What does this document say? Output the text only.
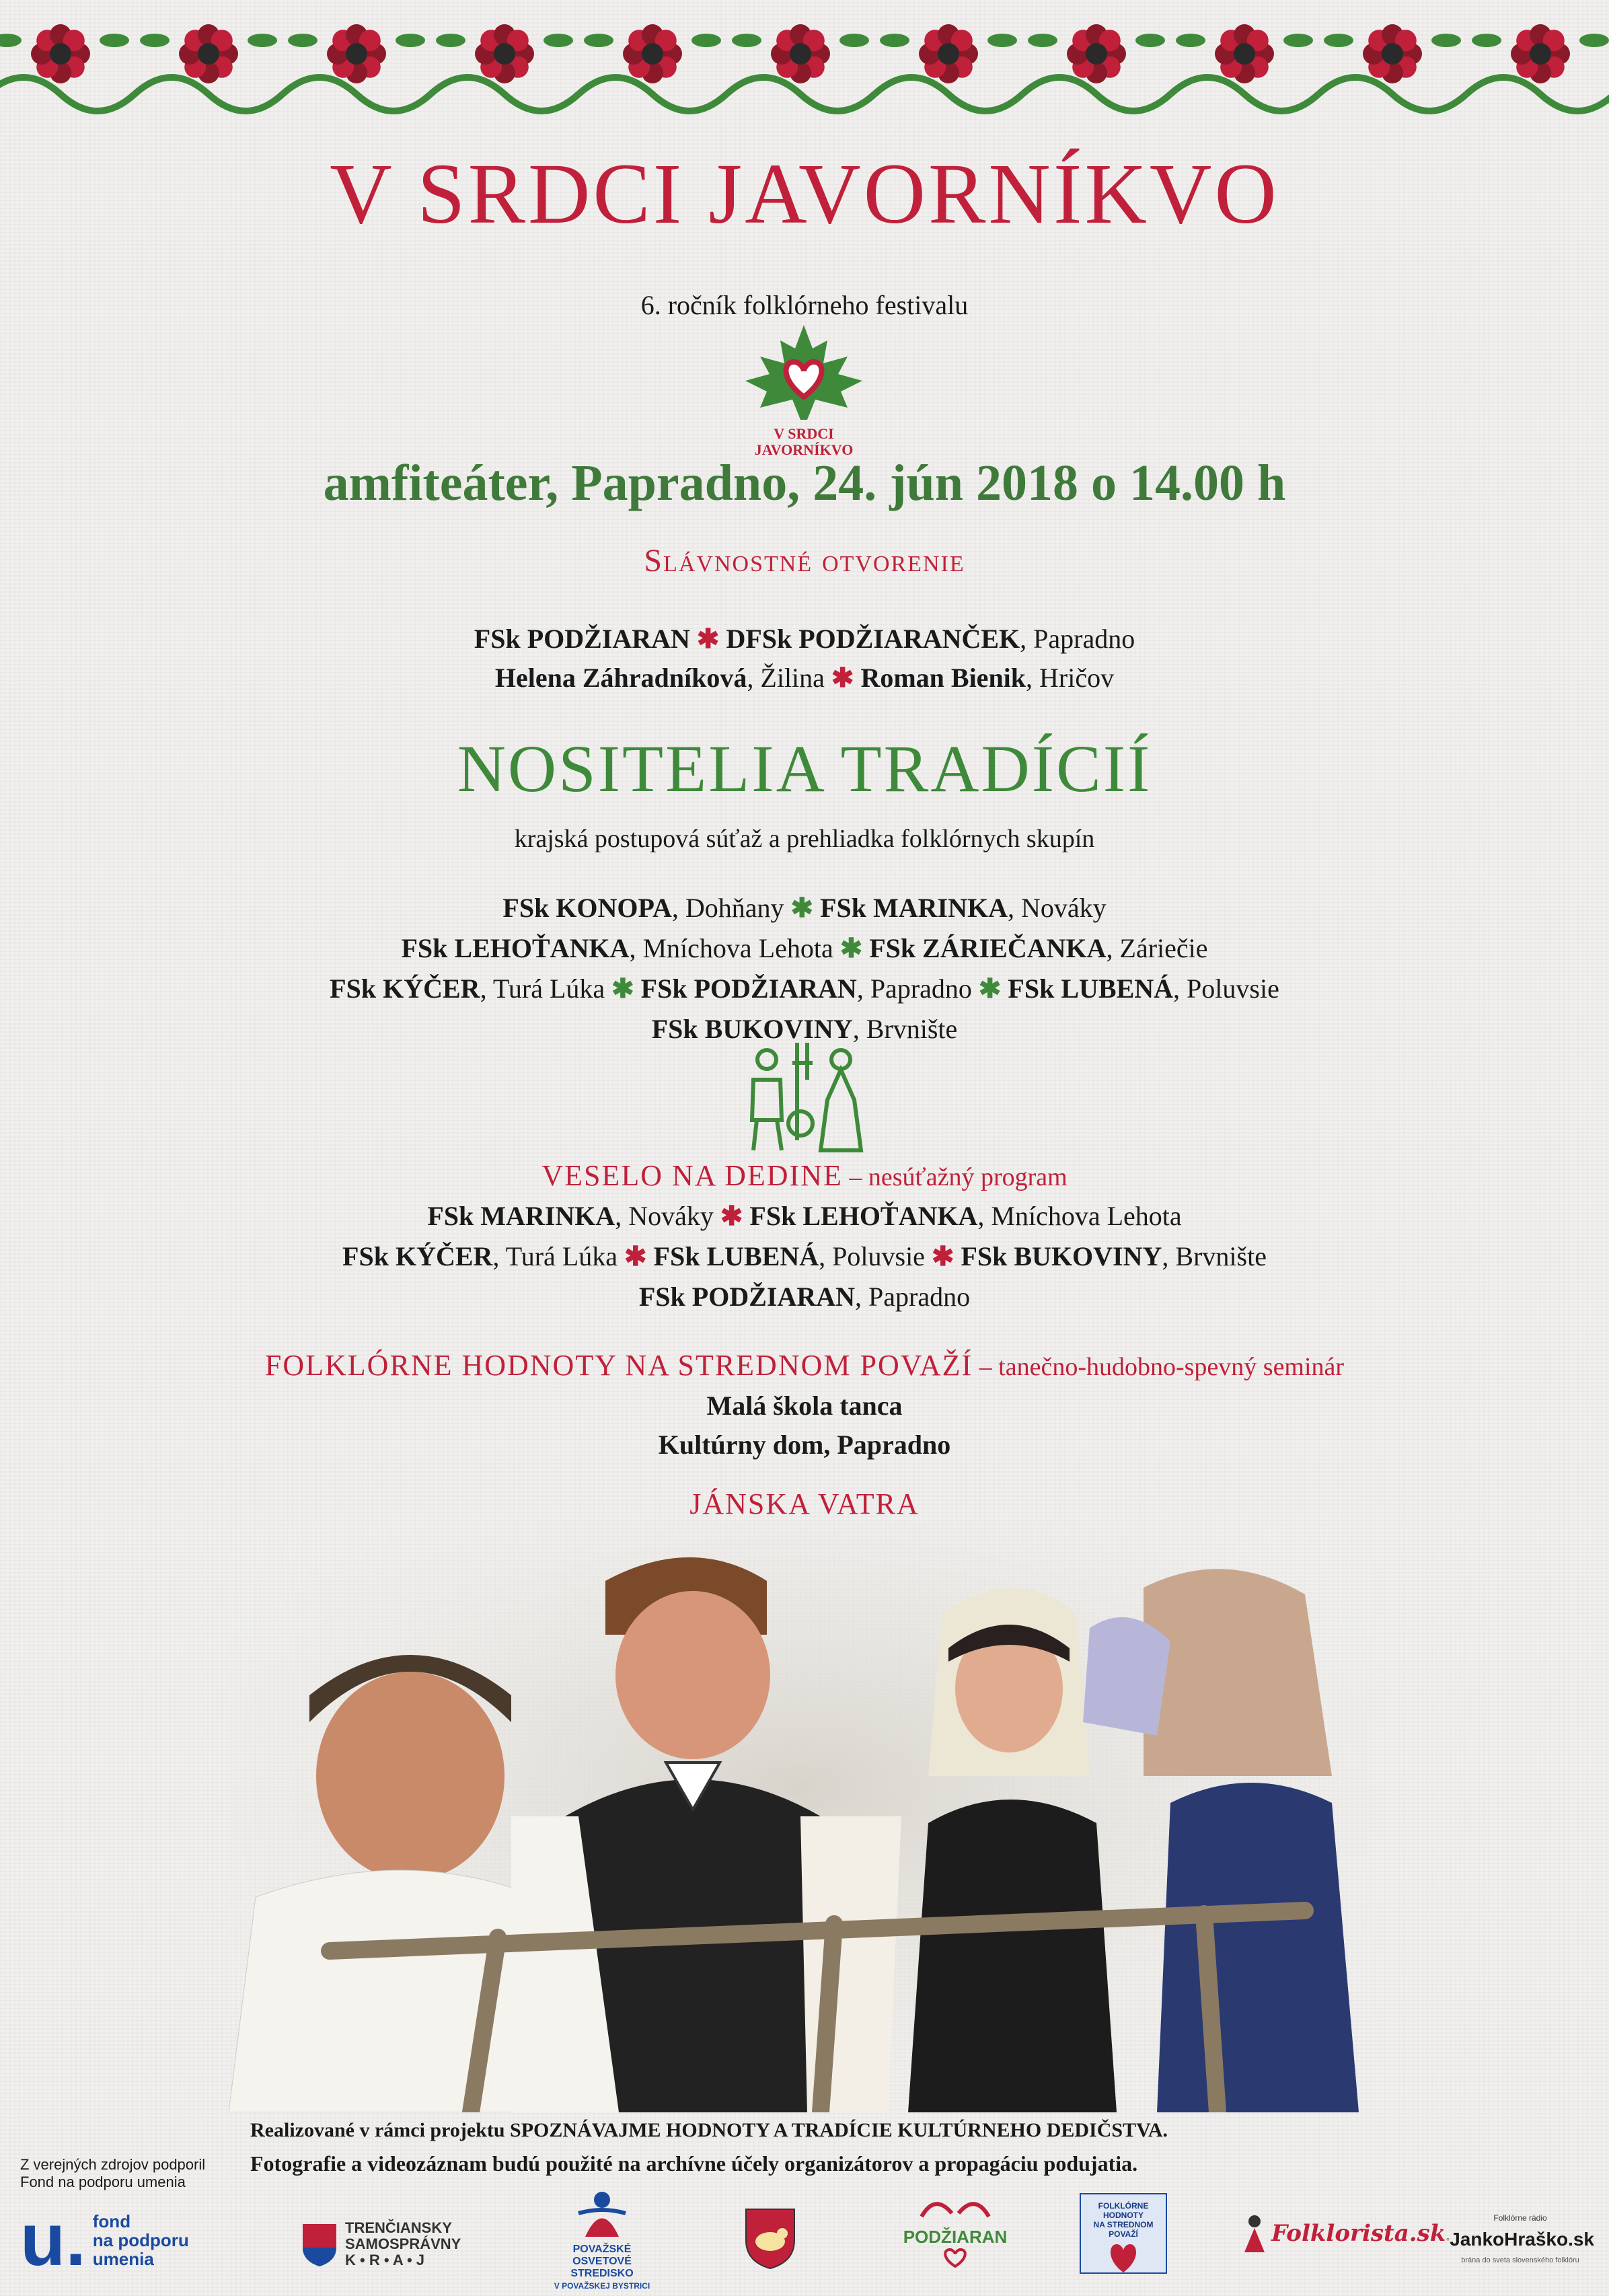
V SRDCI JAVORNÍKVO
6. ročník folklórneho festivalu
V SRDCI
JAVORNÍKVO
amfiteáter, Papradno, 24. jún 2018 o 14.00 h
Slávnostné otvorenie
FSk PODŽIARAN ✱ DFSk PODŽIARANČEK, Papradno
Helena Záhradníková, Žilina ✱ Roman Bienik, Hričov
NOSITELIA TRADÍCIÍ
krajská postupová súťaž a prehliadka folklórnych skupín
FSk KONOPA, Dohňany ✱ FSk MARINKA, Nováky
FSk LEHOŤANKA, Mníchova Lehota ✱ FSk ZÁRIEČANKA, Záriečie
FSk KÝČER, Turá Lúka ✱ FSk PODŽIARAN, Papradno ✱ FSk LUBENÁ, Poluvsie
FSk BUKOVINY, Brvnište
VESELO NA DEDINE – nesúťažný program
FSk MARINKA, Nováky ✱ FSk LEHOŤANKA, Mníchova Lehota
FSk KÝČER, Turá Lúka ✱ FSk LUBENÁ, Poluvsie ✱ FSk BUKOVINY, Brvnište
FSk PODŽIARAN, Papradno
FOLKLÓRNE HODNOTY NA STREDNOM POVAŽÍ – tanečno-hudobno-spevný seminár
Malá škola tanca
Kultúrny dom, Papradno
JÁNSKA VATRA
Realizované v rámci projektu SPOZNÁVAJME HODNOTY A TRADÍCIE KULTÚRNEHO DEDIČSTVA.
Fotografie a videozáznam budú použité na archívne účely organizátorov a propagáciu podujatia.
Z verejných zdrojov podporil
Fond na podporu umenia
u. fond
na podporu
umenia
TRENČIANSKY
SAMOSPRÁVNY
K • R • A • J
POVAŽSKÉ
OSVETOVÉ
STREDISKO
V POVAŽSKEJ BYSTRICI
PODŽIARAN
FOLKLÓRNE HODNOTY
NA STREDNOM POVAŽÍ	Folklorista.sk
Folklórne rádio
JankoHraško.sk
brána do sveta slovenského folklóru
